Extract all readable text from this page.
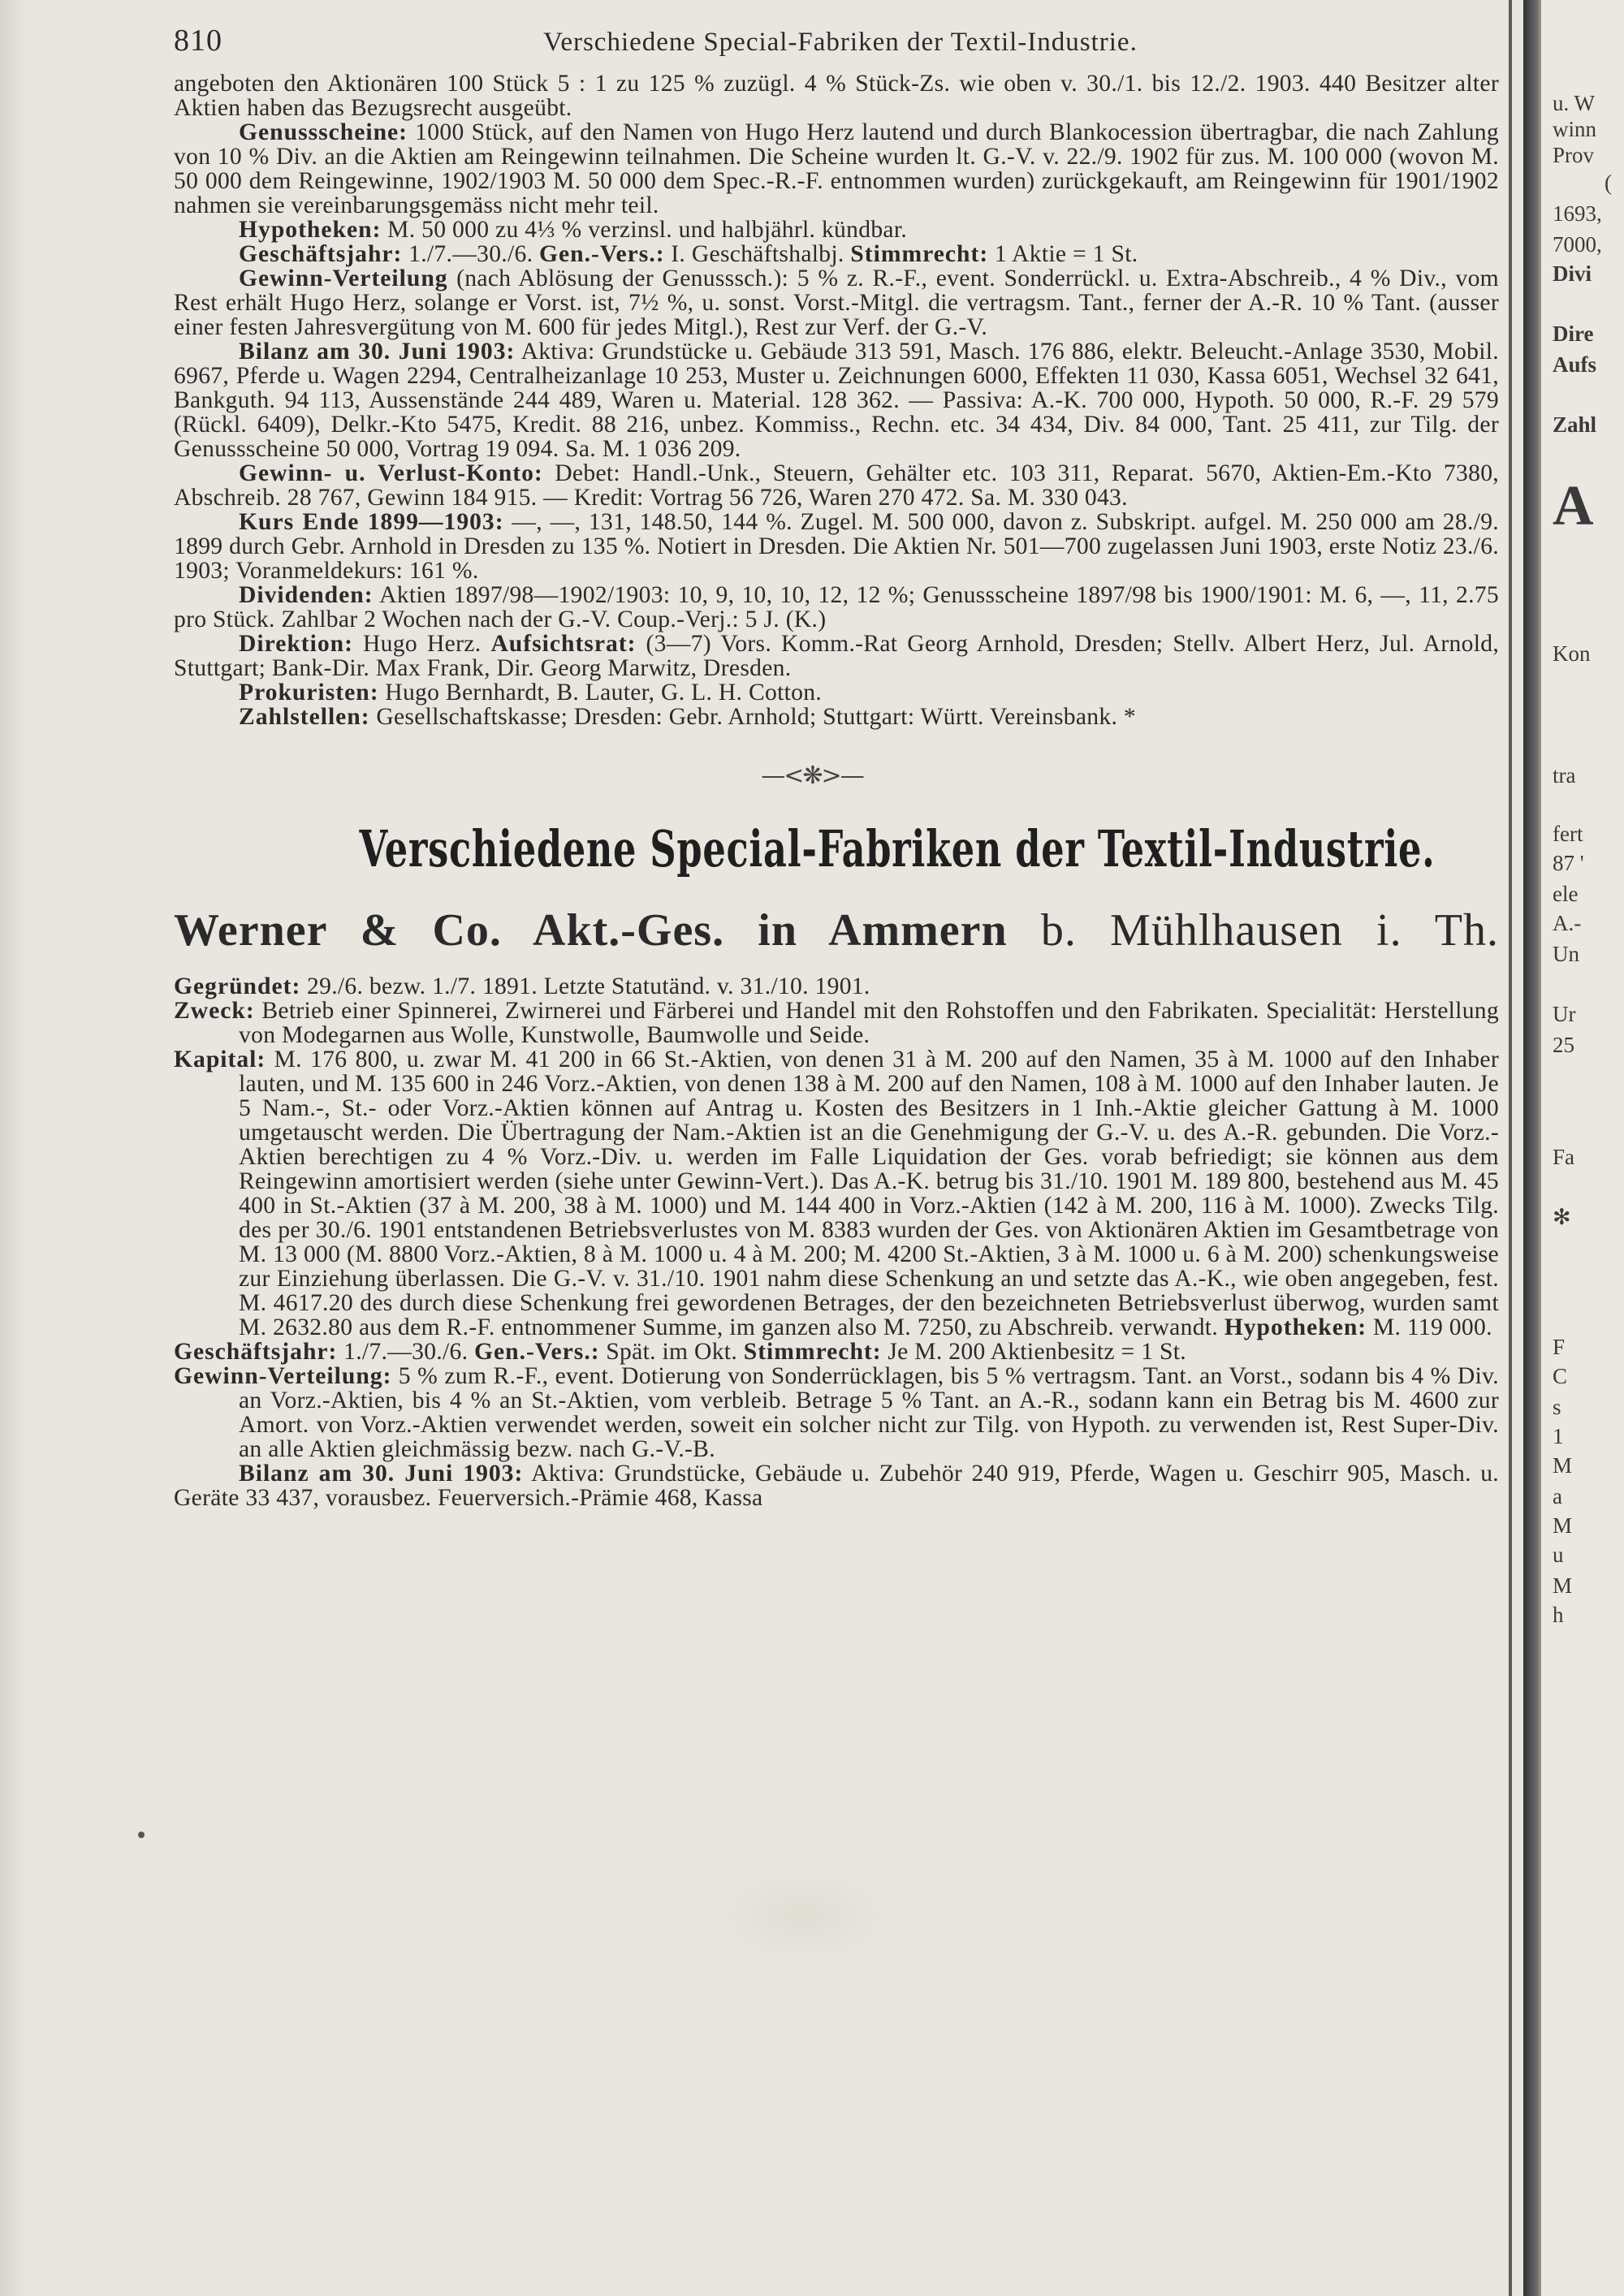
810	Verschiedene Special-Fabriken der Textil-Industrie.

angeboten den Aktionären 100 Stück 5 : 1 zu 125 % zuzügl. 4 % Stück-Zs. wie oben v. 30./1. bis 12./2. 1903. 440 Besitzer alter Aktien haben das Bezugsrecht ausgeübt.

Genussscheine: 1000 Stück, auf den Namen von Hugo Herz lautend und durch Blankocession übertragbar, die nach Zahlung von 10 % Div. an die Aktien am Reingewinn teilnahmen. Die Scheine wurden lt. G.-V. v. 22./9. 1902 für zus. M. 100 000 (wovon M. 50 000 dem Reingewinne, 1902/1903 M. 50 000 dem Spec.-R.-F. entnommen wurden) zurückgekauft, am Reingewinn für 1901/1902 nahmen sie vereinbarungsgemäss nicht mehr teil.

Hypotheken: M. 50 000 zu 4⅓ % verzinsl. und halbjährl. kündbar.

Geschäftsjahr: 1./7.—30./6. Gen.-Vers.: I. Geschäftshalbj. Stimmrecht: 1 Aktie = 1 St.

Gewinn-Verteilung (nach Ablösung der Genusssch.): 5 % z. R.-F., event. Sonderrückl. u. Extra-Abschreib., 4 % Div., vom Rest erhält Hugo Herz, solange er Vorst. ist, 7½ %, u. sonst. Vorst.-Mitgl. die vertragsm. Tant., ferner der A.-R. 10 % Tant. (ausser einer festen Jahresvergütung von M. 600 für jedes Mitgl.), Rest zur Verf. der G.-V.

Bilanz am 30. Juni 1903: Aktiva: Grundstücke u. Gebäude 313 591, Masch. 176 886, elektr. Beleucht.-Anlage 3530, Mobil. 6967, Pferde u. Wagen 2294, Centralheizanlage 10 253, Muster u. Zeichnungen 6000, Effekten 11 030, Kassa 6051, Wechsel 32 641, Bankguth. 94 113, Aussenstände 244 489, Waren u. Material. 128 362. — Passiva: A.-K. 700 000, Hypoth. 50 000, R.-F. 29 579 (Rückl. 6409), Delkr.-Kto 5475, Kredit. 88 216, unbez. Kommiss., Rechn. etc. 34 434, Div. 84 000, Tant. 25 411, zur Tilg. der Genussscheine 50 000, Vortrag 19 094. Sa. M. 1 036 209.

Gewinn- u. Verlust-Konto: Debet: Handl.-Unk., Steuern, Gehälter etc. 103 311, Reparat. 5670, Aktien-Em.-Kto 7380, Abschreib. 28 767, Gewinn 184 915. — Kredit: Vortrag 56 726, Waren 270 472. Sa. M. 330 043.

Kurs Ende 1899—1903: —, —, 131, 148.50, 144 %. Zugel. M. 500 000, davon z. Subskript. aufgel. M. 250 000 am 28./9. 1899 durch Gebr. Arnhold in Dresden zu 135 %. Notiert in Dresden. Die Aktien Nr. 501—700 zugelassen Juni 1903, erste Notiz 23./6. 1903; Voranmeldekurs: 161 %.

Dividenden: Aktien 1897/98—1902/1903: 10, 9, 10, 10, 12, 12 %; Genussscheine 1897/98 bis 1900/1901: M. 6, —, 11, 2.75 pro Stück. Zahlbar 2 Wochen nach der G.-V. Coup.-Verj.: 5 J. (K.)

Direktion: Hugo Herz. Aufsichtsrat: (3—7) Vors. Komm.-Rat Georg Arnhold, Dresden; Stellv. Albert Herz, Jul. Arnold, Stuttgart; Bank-Dir. Max Frank, Dir. Georg Marwitz, Dresden.

Prokuristen: Hugo Bernhardt, B. Lauter, G. L. H. Cotton.

Zahlstellen: Gesellschaftskasse; Dresden: Gebr. Arnhold; Stuttgart: Württ. Vereinsbank. *

—<❋>—
Verschiedene Special-Fabriken der Textil-Industrie.
Werner & Co. Akt.-Ges. in Ammern b. Mühlhausen i. Th.

Gegründet: 29./6. bezw. 1./7. 1891. Letzte Statutänd. v. 31./10. 1901.

Zweck: Betrieb einer Spinnerei, Zwirnerei und Färberei und Handel mit den Rohstoffen und den Fabrikaten. Specialität: Herstellung von Modegarnen aus Wolle, Kunstwolle, Baumwolle und Seide.

Kapital: M. 176 800, u. zwar M. 41 200 in 66 St.-Aktien, von denen 31 à M. 200 auf den Namen, 35 à M. 1000 auf den Inhaber lauten, und M. 135 600 in 246 Vorz.-Aktien, von denen 138 à M. 200 auf den Namen, 108 à M. 1000 auf den Inhaber lauten. Je 5 Nam.-, St.- oder Vorz.-Aktien können auf Antrag u. Kosten des Besitzers in 1 Inh.-Aktie gleicher Gattung à M. 1000 umgetauscht werden. Die Übertragung der Nam.-Aktien ist an die Genehmigung der G.-V. u. des A.-R. gebunden. Die Vorz.-Aktien berechtigen zu 4 % Vorz.-Div. u. werden im Falle Liquidation der Ges. vorab befriedigt; sie können aus dem Reingewinn amortisiert werden (siehe unter Gewinn-Vert.). Das A.-K. betrug bis 31./10. 1901 M. 189 800, bestehend aus M. 45 400 in St.-Aktien (37 à M. 200, 38 à M. 1000) und M. 144 400 in Vorz.-Aktien (142 à M. 200, 116 à M. 1000). Zwecks Tilg. des per 30./6. 1901 entstandenen Betriebsverlustes von M. 8383 wurden der Ges. von Aktionären Aktien im Gesamtbetrage von M. 13 000 (M. 8800 Vorz.-Aktien, 8 à M. 1000 u. 4 à M. 200; M. 4200 St.-Aktien, 3 à M. 1000 u. 6 à M. 200) schenkungsweise zur Einziehung überlassen. Die G.-V. v. 31./10. 1901 nahm diese Schenkung an und setzte das A.-K., wie oben angegeben, fest. M. 4617.20 des durch diese Schenkung frei gewordenen Betrages, der den bezeichneten Betriebsverlust überwog, wurden samt M. 2632.80 aus dem R.-F. entnommener Summe, im ganzen also M. 7250, zu Abschreib. verwandt. Hypotheken: M. 119 000.

Geschäftsjahr: 1./7.—30./6. Gen.-Vers.: Spät. im Okt. Stimmrecht: Je M. 200 Aktienbesitz = 1 St.

Gewinn-Verteilung: 5 % zum R.-F., event. Dotierung von Sonderrücklagen, bis 5 % vertragsm. Tant. an Vorst., sodann bis 4 % Div. an Vorz.-Aktien, bis 4 % an St.-Aktien, vom verbleib. Betrage 5 % Tant. an A.-R., sodann kann ein Betrag bis M. 4600 zur Amort. von Vorz.-Aktien verwendet werden, soweit ein solcher nicht zur Tilg. von Hypoth. zu verwenden ist, Rest Super-Div. an alle Aktien gleichmässig bezw. nach G.-V.-B.

Bilanz am 30. Juni 1903: Aktiva: Grundstücke, Gebäude u. Zubehör 240 919, Pferde, Wagen u. Geschirr 905, Masch. u. Geräte 33 437, vorausbez. Feuerversich.-Prämie 468, Kassa

u. W
winn
Prov
(
1693,
7000,
Divi
Dire
Aufs
Zahl
A
Kon
tra
fert
87 '
ele
A.-
Un
Ur
25
Fa
✻
F
C
s
1
M
a
M
u
M
h
